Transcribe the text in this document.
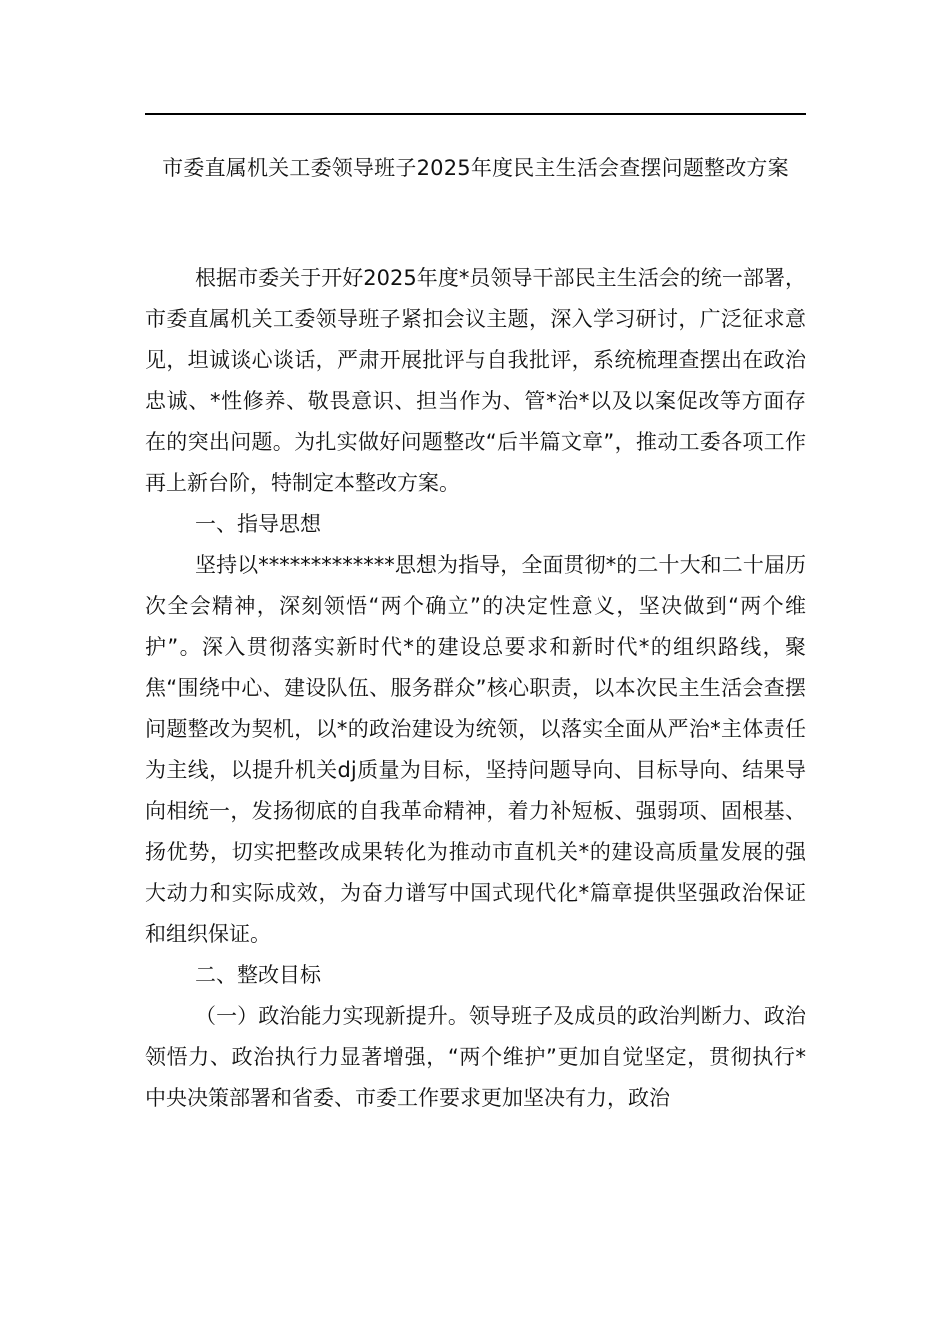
市委直属机关工委领导班子2025年度民主生活会查摆问题整改方案

根据市委关于开好2025年度*员领导干部民主生活会的统一部署，市委直属机关工委领导班子紧扣会议主题，深入学习研讨，广泛征求意见，坦诚谈心谈话，严肃开展批评与自我批评，系统梳理查摆出在政治忠诚、*性修养、敬畏意识、担当作为、管*治*以及以案促改等方面存在的突出问题。为扎实做好问题整改“后半篇文章”，推动工委各项工作再上新台阶，特制定本整改方案。

一、指导思想

坚持以*************思想为指导，全面贯彻*的二十大和二十届历次全会精神，深刻领悟“两个确立”的决定性意义，坚决做到“两个维护”。深入贯彻落实新时代*的建设总要求和新时代*的组织路线，聚焦“围绕中心、建设队伍、服务群众”核心职责，以本次民主生活会查摆问题整改为契机，以*的政治建设为统领，以落实全面从严治*主体责任为主线，以提升机关dj质量为目标，坚持问题导向、目标导向、结果导向相统一，发扬彻底的自我革命精神，着力补短板、强弱项、固根基、扬优势，切实把整改成果转化为推动市直机关*的建设高质量发展的强大动力和实际成效，为奋力谱写中国式现代化*篇章提供坚强政治保证和组织保证。

二、整改目标

（一）政治能力实现新提升。领导班子及成员的政治判断力、政治领悟力、政治执行力显著增强，“两个维护”更加自觉坚定，贯彻执行*中央决策部署和省委、市委工作要求更加坚决有力，政治
